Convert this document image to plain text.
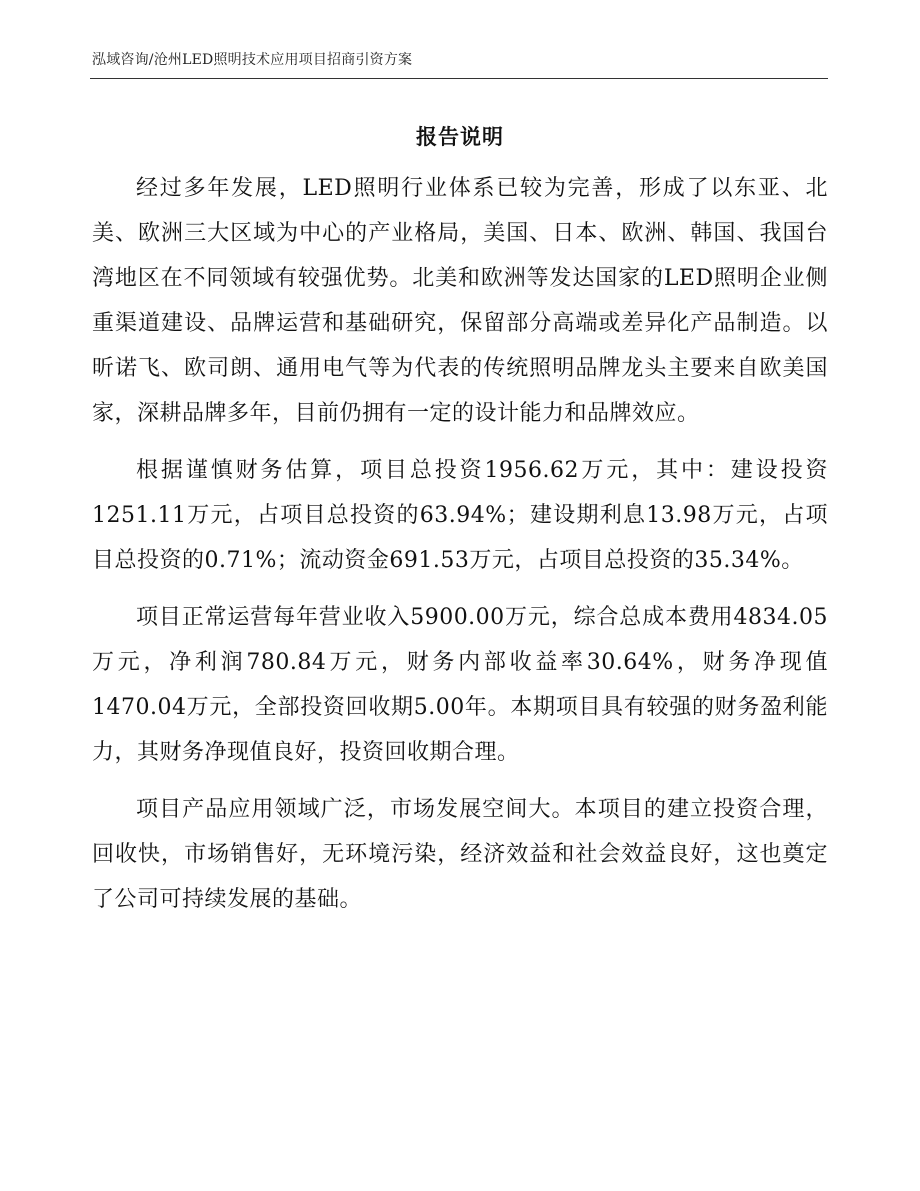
泓域咨询/沧州LED照明技术应用项目招商引资方案
报告说明

经过多年发展，LED照明行业体系已较为完善，形成了以东亚、北美、欧洲三大区域为中心的产业格局，美国、日本、欧洲、韩国、我国台湾地区在不同领域有较强优势。北美和欧洲等发达国家的LED照明企业侧重渠道建设、品牌运营和基础研究，保留部分高端或差异化产品制造。以昕诺飞、欧司朗、通用电气等为代表的传统照明品牌龙头主要来自欧美国家，深耕品牌多年，目前仍拥有一定的设计能力和品牌效应。

根据谨慎财务估算，项目总投资1956.62万元，其中：建设投资1251.11万元，占项目总投资的63.94%；建设期利息13.98万元，占项目总投资的0.71%；流动资金691.53万元，占项目总投资的35.34%。

项目正常运营每年营业收入5900.00万元，综合总成本费用4834.05万元，净利润780.84万元，财务内部收益率30.64%，财务净现值1470.04万元，全部投资回收期5.00年。本期项目具有较强的财务盈利能力，其财务净现值良好，投资回收期合理。

项目产品应用领域广泛，市场发展空间大。本项目的建立投资合理，回收快，市场销售好，无环境污染，经济效益和社会效益良好，这也奠定了公司可持续发展的基础。
